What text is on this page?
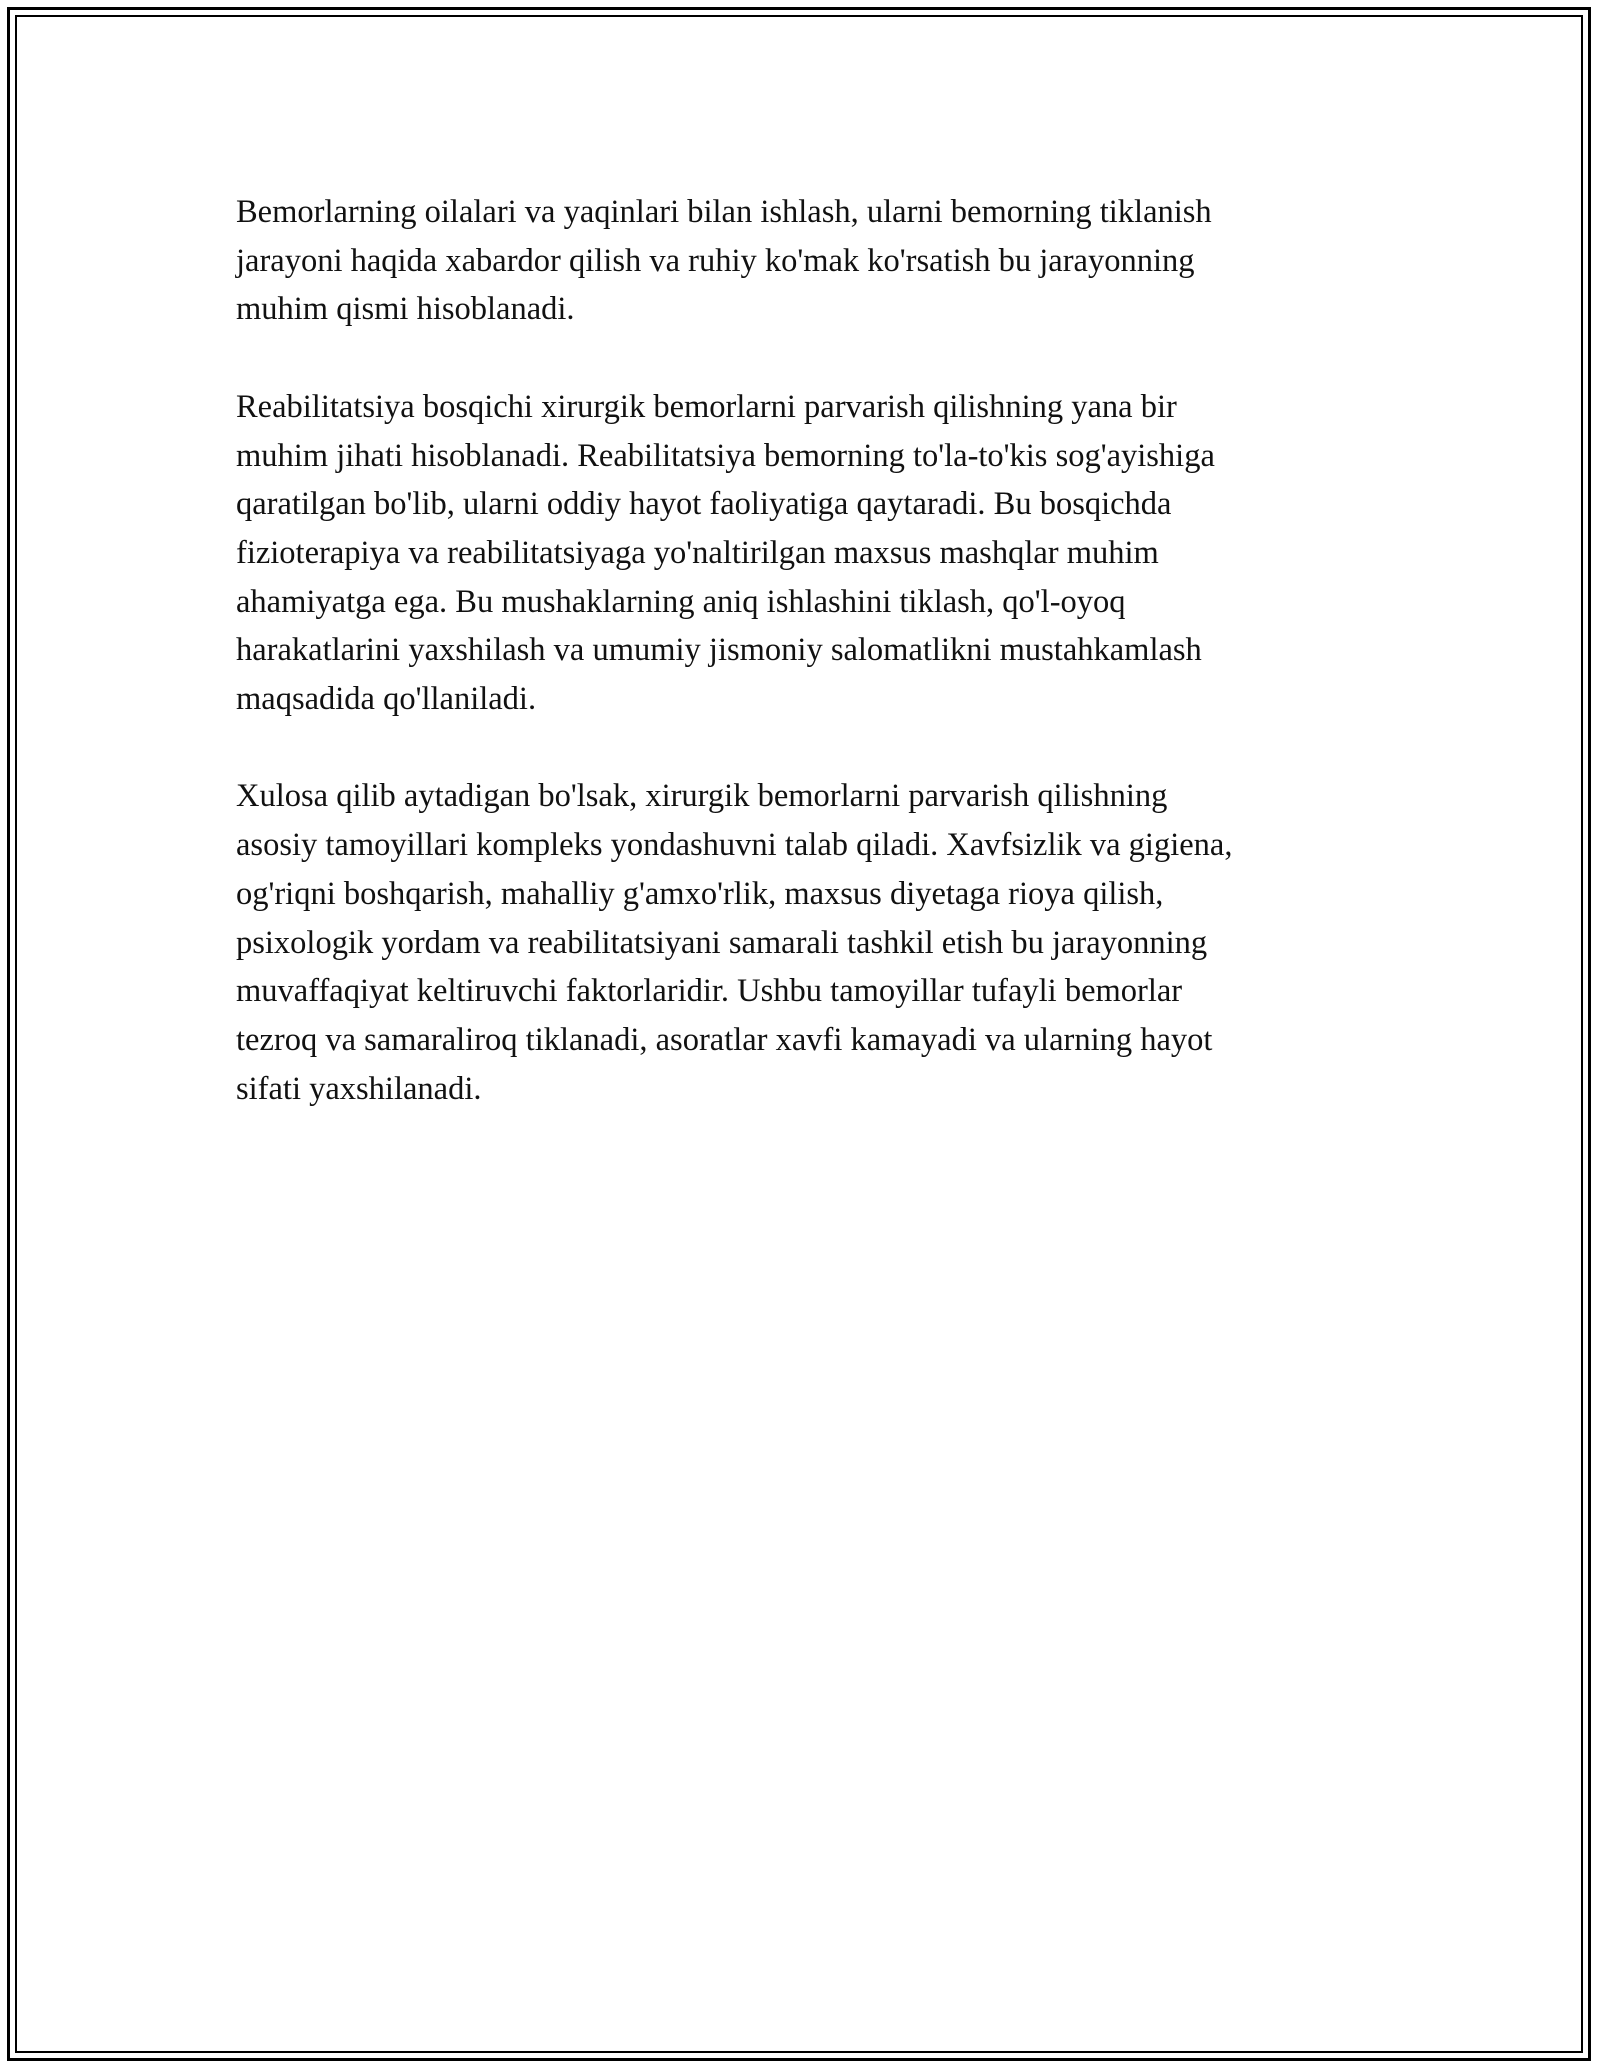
Bemorlarning oilalari va yaqinlari bilan ishlash, ularni bemorning tiklanish
jarayoni haqida xabardor qilish va ruhiy ko'mak ko'rsatish bu jarayonning
muhim qismi hisoblanadi.

Reabilitatsiya bosqichi xirurgik bemorlarni parvarish qilishning yana bir
muhim jihati hisoblanadi. Reabilitatsiya bemorning to'la-to'kis sog'ayishiga
qaratilgan bo'lib, ularni oddiy hayot faoliyatiga qaytaradi. Bu bosqichda
fizioterapiya va reabilitatsiyaga yo'naltirilgan maxsus mashqlar muhim
ahamiyatga ega. Bu mushaklarning aniq ishlashini tiklash, qo'l-oyoq
harakatlarini yaxshilash va umumiy jismoniy salomatlikni mustahkamlash
maqsadida qo'llaniladi.

Xulosa qilib aytadigan bo'lsak, xirurgik bemorlarni parvarish qilishning
asosiy tamoyillari kompleks yondashuvni talab qiladi. Xavfsizlik va gigiena,
og'riqni boshqarish, mahalliy g'amxo'rlik, maxsus diyetaga rioya qilish,
psixologik yordam va reabilitatsiyani samarali tashkil etish bu jarayonning
muvaffaqiyat keltiruvchi faktorlaridir. Ushbu tamoyillar tufayli bemorlar
tezroq va samaraliroq tiklanadi, asoratlar xavfi kamayadi va ularning hayot
sifati yaxshilanadi.
